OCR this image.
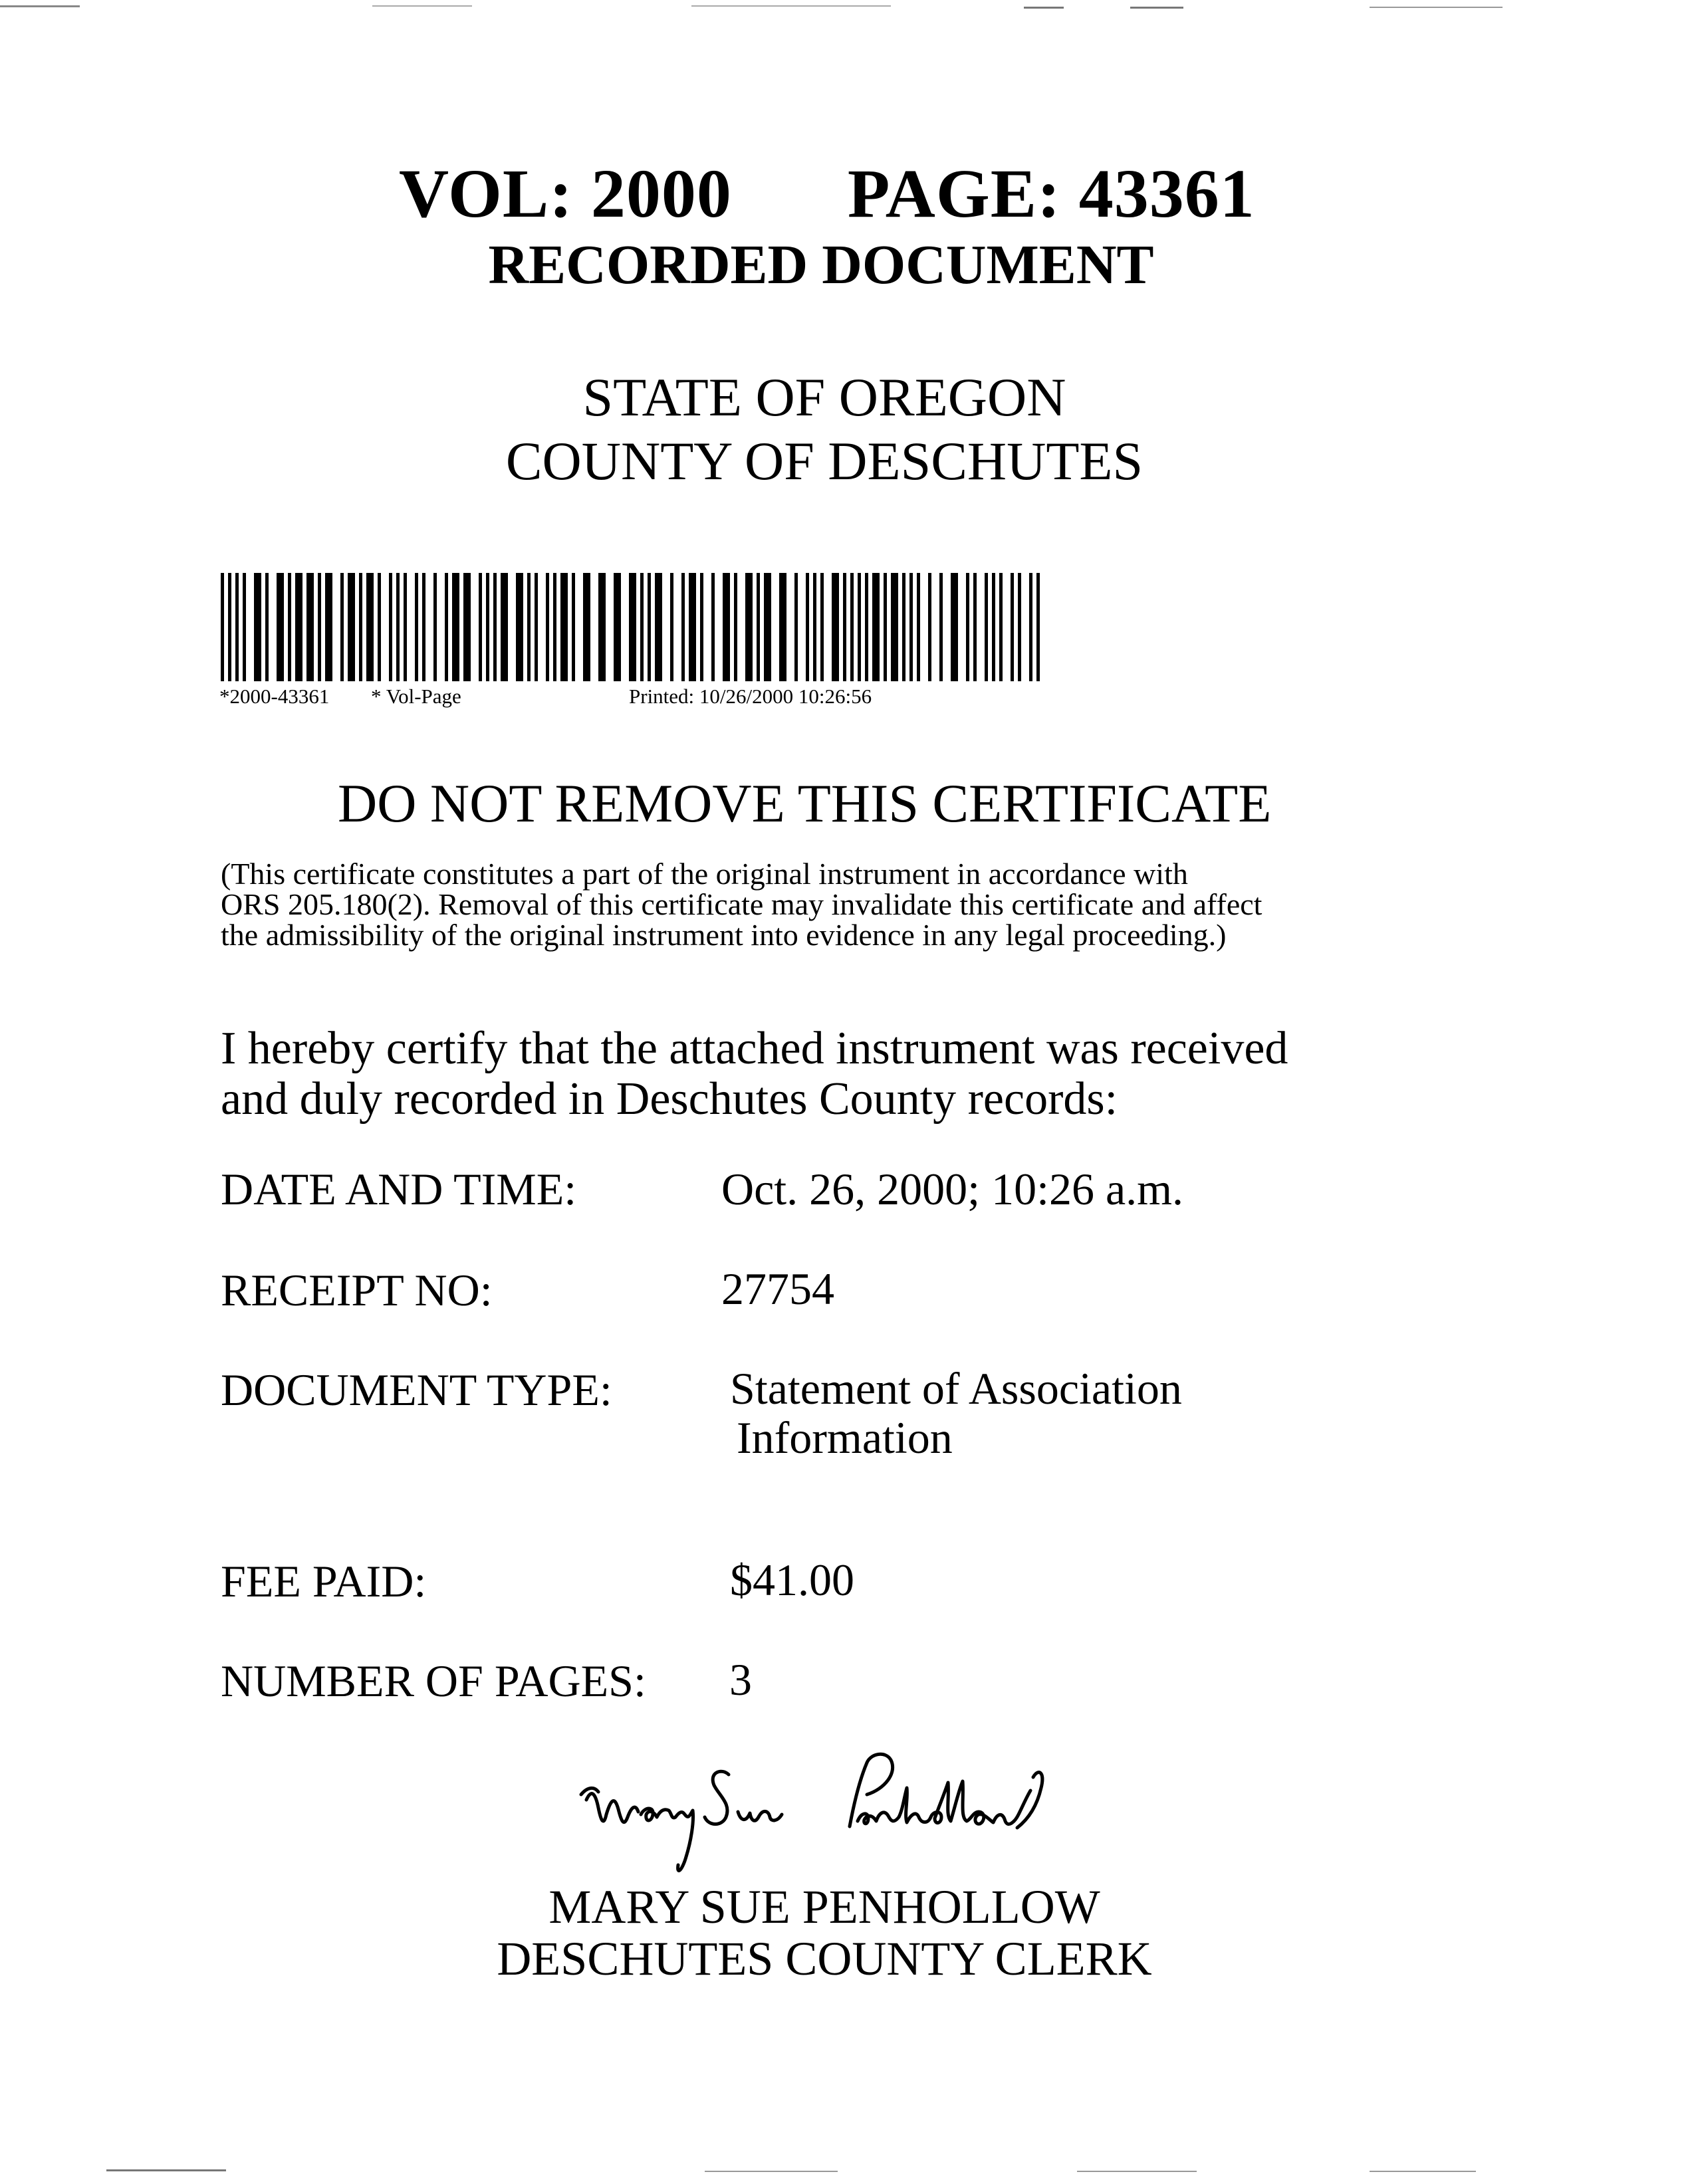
VOL: 2000 PAGE: 43361
RECORDED DOCUMENT
STATE OF OREGON
COUNTY OF DESCHUTES
*2000-43361 * Vol-Page	Printed: 10/26/2000 10:26:56
DO NOT REMOVE THIS CERTIFICATE
(This certificate constitutes a part of the original instrument in accordance with
ORS 205.180(2). Removal of this certificate may invalidate this certificate and affect
the admissibility of the original instrument into evidence in any legal proceeding.)
I hereby certify that the attached instrument was received
and duly recorded in Deschutes County records:
DATE AND TIME:	Oct. 26, 2000; 10:26 a.m.
RECEIPT NO:	27754
DOCUMENT TYPE:	Statement of Association
Information
FEE PAID:	$41.00
NUMBER OF PAGES: 3
MARY SUE PENHOLLOW
DESCHUTES COUNTY CLERK
